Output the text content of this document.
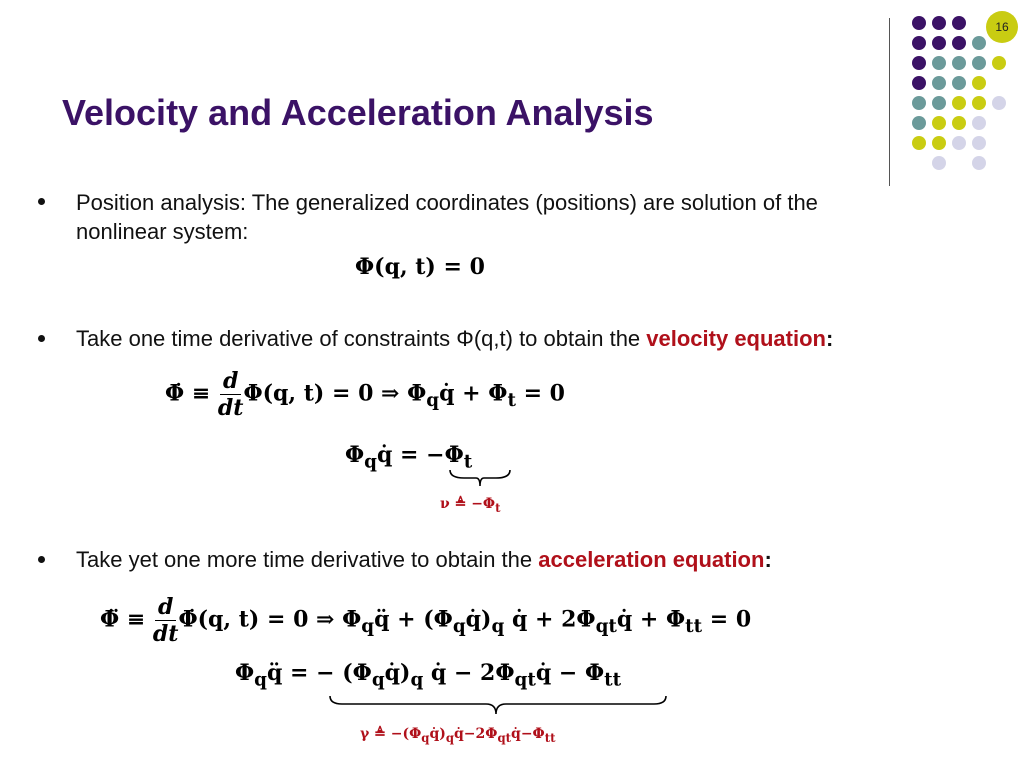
16
Velocity and Acceleration Analysis
Position analysis: The generalized coordinates (positions) are solution of the
nonlinear system:
Φ(q, t) = 0
Take one time derivative of constraints Φ(q,t) to obtain the velocity equation:
Φ̇ ≡ $\frac{d}{dt} \Phi(q$, t) = 0 ⇒ $\Phi_qq̇ + \Phi_t = 0$
$\Phi_qq̇ = -\Phi_t$
ν ≜ $-\Phi_t$
Take yet one more time derivative to obtain the acceleration equation:
Φ̈ ≡ $\frac{d}{dt}$ Φ̇(q, t) = 0 ⇒ $\Phi_qq̈$ + $(\Phi_qq̇)_q$ q̇ + $2\Phi_{qt}q̇ + \Phi_{tt} = 0$
$\Phi_qq̈$ = − $(\Phi_qq̇)_q$ q̇ − $2\Phi_{qt}q̇ - \Phi_{tt}$
γ ≜ $-(\Phi_qq̇)_qq̇-2\Phi_{qt}q̇-\Phi_{tt}$
